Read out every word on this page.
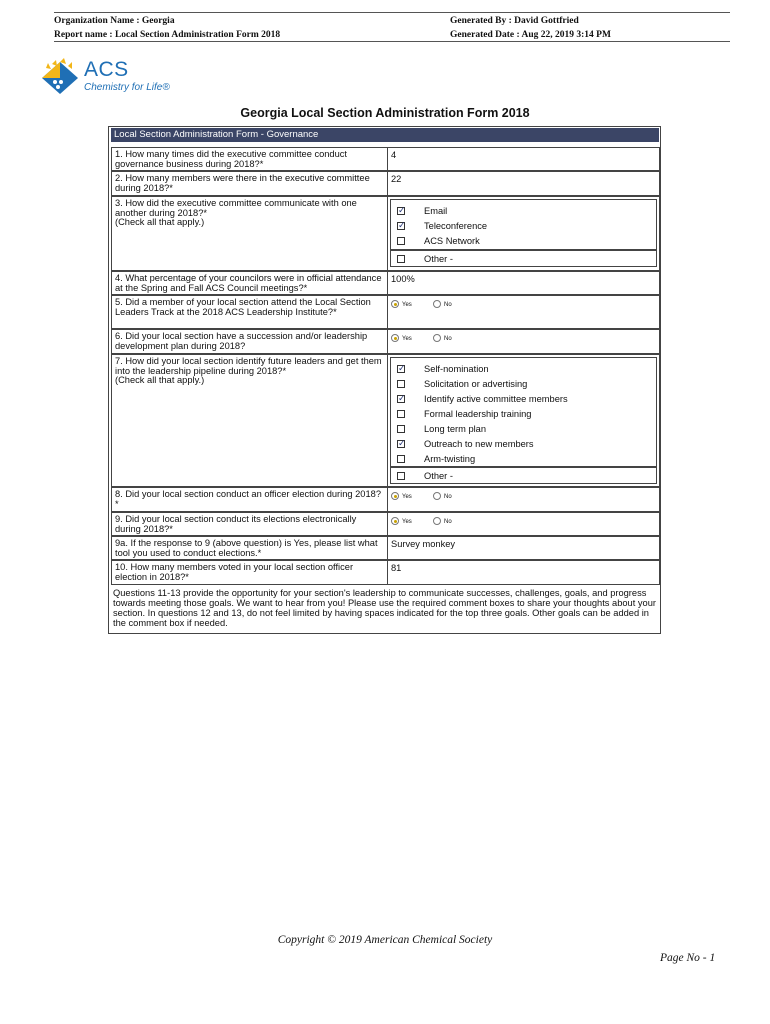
Organization Name : Georgia	Generated By : David Gottfried
Report name : Local Section Administration Form 2018	Generated Date : Aug 22, 2019 3:14 PM
ACS
Chemistry for Life®
Georgia Local Section Administration Form 2018
Local Section Administration Form - Governance
1. How many times did the executive committee conduct governance business during 2018?*
4
2. How many members were there in the executive committee during 2018?*
22
3. How did the executive committee communicate with one another during 2018?*
(Check all that apply.)
✓ Email
✓ Teleconference
ACS Network
Other -
4. What percentage of your councilors were in official attendance at the Spring and Fall ACS Council meetings?*
100%
5. Did a member of your local section attend the Local Section Leaders Track at the 2018 ACS Leadership Institute?*
Yes	No
6. Did your local section have a succession and/or leadership development plan during 2018?
Yes	No
7. How did your local section identify future leaders and get them into the leadership pipeline during 2018?*
(Check all that apply.)
✓ Self-nomination
Solicitation or advertising
✓ Identify active committee members
Formal leadership training
Long term plan
✓ Outreach to new members
Arm-twisting
Other -
8. Did your local section conduct an officer election during 2018? *
Yes	No
9. Did your local section conduct its elections electronically during 2018?*
Yes	No
9a. If the response to 9 (above question) is Yes, please list what tool you used to conduct elections.*
Survey monkey
10. How many members voted in your local section officer election in 2018?*
81
Questions 11-13 provide the opportunity for your section's leadership to communicate successes, challenges, goals, and progress towards meeting those goals. We want to hear from you! Please use the required comment boxes to share your thoughts about your section. In questions 12 and 13, do not feel limited by having spaces indicated for the top three goals. Other goals can be added in the comment box if needed.
Copyright © 2019 American Chemical Society
Page No - 1
